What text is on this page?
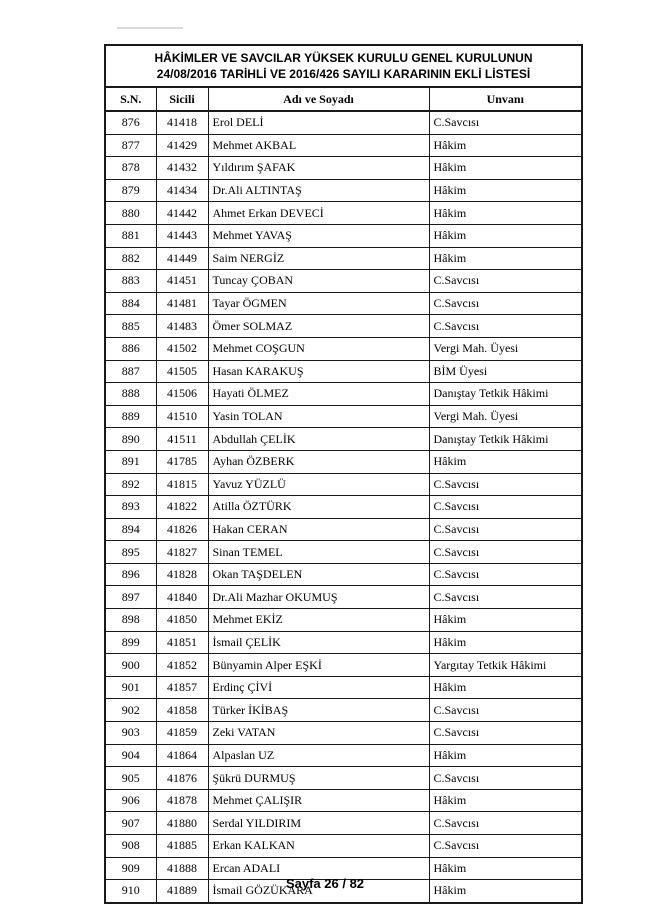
HÂKİMLER VE SAVCILAR YÜKSEK KURULU GENEL KURULUNUN
24/08/2016 TARİHLİ VE 2016/426 SAYILI KARARININ EKLİ LİSTESİ			

S.N.	Sicili	Adı ve Soyadı	Unvanı
876	41418	Erol DELİ	C.Savcısı
877	41429	Mehmet AKBAL	Hâkim
878	41432	Yıldırım ŞAFAK	Hâkim
879	41434	Dr.Ali ALTINTAŞ	Hâkim
880	41442	Ahmet Erkan DEVECİ	Hâkim
881	41443	Mehmet YAVAŞ	Hâkim
882	41449	Saim NERGİZ	Hâkim
883	41451	Tuncay ÇOBAN	C.Savcısı
884	41481	Tayar ÖGMEN	C.Savcısı
885	41483	Ömer SOLMAZ	C.Savcısı
886	41502	Mehmet COŞGUN	Vergi Mah. Üyesi
887	41505	Hasan KARAKUŞ	BİM Üyesi
888	41506	Hayati ÖLMEZ	Danıştay Tetkik Hâkimi
889	41510	Yasin TOLAN	Vergi Mah. Üyesi
890	41511	Abdullah ÇELİK	Danıştay Tetkik Hâkimi
891	41785	Ayhan ÖZBERK	Hâkim
892	41815	Yavuz YÜZLÜ	C.Savcısı
893	41822	Atilla ÖZTÜRK	C.Savcısı
894	41826	Hakan CERAN	C.Savcısı
895	41827	Sinan TEMEL	C.Savcısı
896	41828	Okan TAŞDELEN	C.Savcısı
897	41840	Dr.Ali Mazhar OKUMUŞ	C.Savcısı
898	41850	Mehmet EKİZ	Hâkim
899	41851	İsmail ÇELİK	Hâkim
900	41852	Bünyamin Alper EŞKİ	Yargıtay Tetkik Hâkimi
901	41857	Erdinç ÇİVİ	Hâkim
902	41858	Türker İKİBAŞ	C.Savcısı
903	41859	Zeki VATAN	C.Savcısı
904	41864	Alpaslan UZ	Hâkim
905	41876	Şükrü DURMUŞ	C.Savcısı
906	41878	Mehmet ÇALIŞIR	Hâkim
907	41880	Serdal YILDIRIM	C.Savcısı
908	41885	Erkan KALKAN	C.Savcısı
909	41888	Ercan ADALI	Hâkim
910	41889	İsmail GÖZÜKARA	Hâkim
Sayfa 26 / 82
